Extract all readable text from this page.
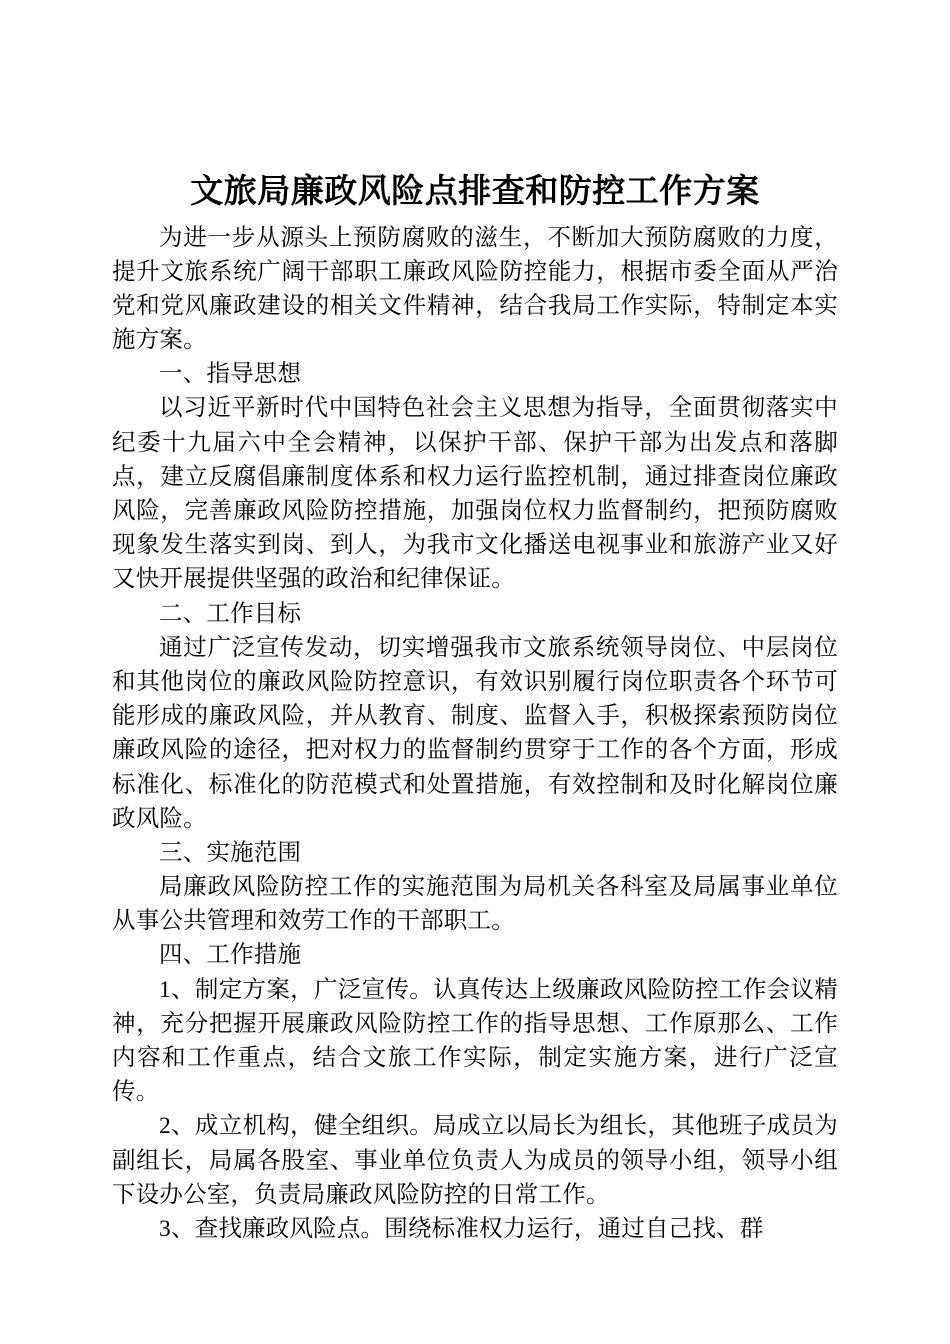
文旅局廉政风险点排查和防控工作方案

为进一步从源头上预防腐败的滋生，不断加大预防腐败的力度，提升文旅系统广阔干部职工廉政风险防控能力，根据市委全面从严治党和党风廉政建设的相关文件精神，结合我局工作实际，特制定本实施方案。

一、指导思想

以习近平新时代中国特色社会主义思想为指导，全面贯彻落实中纪委十九届六中全会精神，以保护干部、保护干部为出发点和落脚点，建立反腐倡廉制度体系和权力运行监控机制，通过排查岗位廉政风险，完善廉政风险防控措施，加强岗位权力监督制约，把预防腐败现象发生落实到岗、到人，为我市文化播送电视事业和旅游产业又好又快开展提供坚强的政治和纪律保证。

二、工作目标

通过广泛宣传发动，切实增强我市文旅系统领导岗位、中层岗位和其他岗位的廉政风险防控意识，有效识别履行岗位职责各个环节可能形成的廉政风险，并从教育、制度、监督入手，积极探索预防岗位廉政风险的途径，把对权力的监督制约贯穿于工作的各个方面，形成标准化、标准化的防范模式和处置措施，有效控制和及时化解岗位廉政风险。

三、实施范围

局廉政风险防控工作的实施范围为局机关各科室及局属事业单位从事公共管理和效劳工作的干部职工。

四、工作措施

1、制定方案，广泛宣传。认真传达上级廉政风险防控工作会议精神，充分把握开展廉政风险防控工作的指导思想、工作原那么、工作内容和工作重点，结合文旅工作实际，制定实施方案，进行广泛宣传。

2、成立机构，健全组织。局成立以局长为组长，其他班子成员为副组长，局属各股室、事业单位负责人为成员的领导小组，领导小组下设办公室，负责局廉政风险防控的日常工作。

3、查找廉政风险点。围绕标准权力运行，通过自己找、群
